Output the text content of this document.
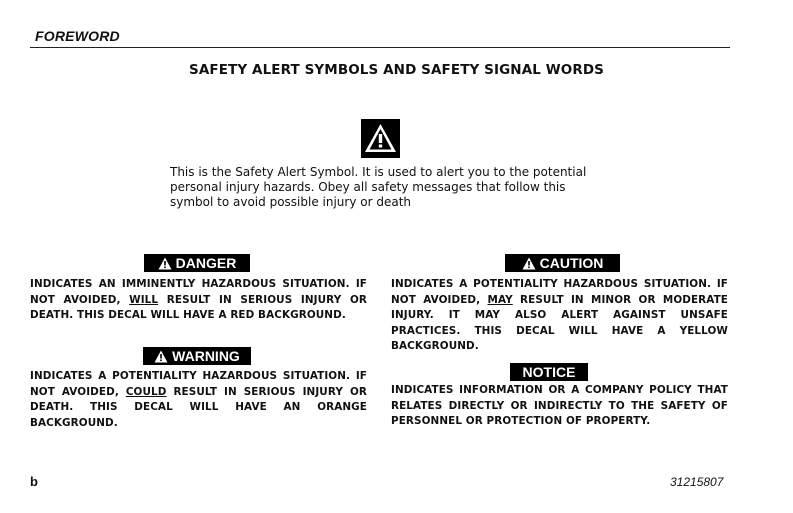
FOREWORD
SAFETY ALERT SYMBOLS AND SAFETY SIGNAL WORDS
This is the Safety Alert Symbol. It is used to alert you to the potential personal injury hazards. Obey all safety messages that follow this symbol to avoid possible injury or death
DANGER
INDICATES AN IMMINENTLY HAZARDOUS SITUATION. IF NOT AVOIDED, WILL RESULT IN SERIOUS INJURY OR DEATH. THIS DECAL WILL HAVE A RED BACKGROUND.
WARNING
INDICATES A POTENTIALITY HAZARDOUS SITUATION. IF NOT AVOIDED, COULD RESULT IN SERIOUS INJURY OR DEATH. THIS DECAL WILL HAVE AN ORANGE BACKGROUND.
CAUTION
INDICATES A POTENTIALITY HAZARDOUS SITUATION. IF NOT AVOIDED, MAY RESULT IN MINOR OR MODERATE INJURY. IT MAY ALSO ALERT AGAINST UNSAFE PRACTICES. THIS DECAL WILL HAVE A YELLOW BACKGROUND.
NOTICE
INDICATES INFORMATION OR A COMPANY POLICY THAT RELATES DIRECTLY OR INDIRECTLY TO THE SAFETY OF PERSONNEL OR PROTECTION OF PROPERTY.
b	31215807
